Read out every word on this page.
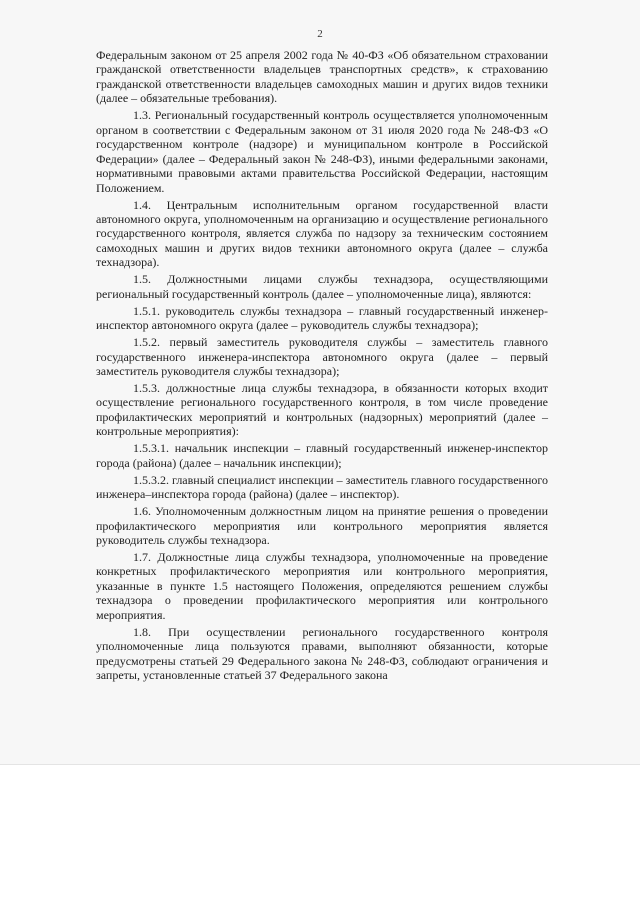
2

Федеральным законом от 25 апреля 2002 года № 40-ФЗ «Об обязательном страховании гражданской ответственности владельцев транспортных средств», к страхованию гражданской ответственности владельцев самоходных машин и других видов техники (далее – обязательные требования).

1.3. Региональный государственный контроль осуществляется уполномоченным органом в соответствии с Федеральным законом от 31 июля 2020 года № 248-ФЗ «О государственном контроле (надзоре) и муниципальном контроле в Российской Федерации» (далее – Федеральный закон № 248-ФЗ), иными федеральными законами, нормативными правовыми актами правительства Российской Федерации, настоящим Положением.

1.4. Центральным исполнительным органом государственной власти автономного округа, уполномоченным на организацию и осуществление регионального государственного контроля, является служба по надзору за техническим состоянием самоходных машин и других видов техники автономного округа (далее – служба технадзора).

1.5. Должностными лицами службы технадзора, осуществляющими региональный государственный контроль (далее – уполномоченные лица), являются:

1.5.1. руководитель службы технадзора – главный государственный инженер-инспектор автономного округа (далее – руководитель службы технадзора);

1.5.2. первый заместитель руководителя службы – заместитель главного государственного инженера-инспектора автономного округа (далее – первый заместитель руководителя службы технадзора);

1.5.3. должностные лица службы технадзора, в обязанности которых входит осуществление регионального государственного контроля, в том числе проведение профилактических мероприятий и контрольных (надзорных) мероприятий (далее – контрольные мероприятия):

1.5.3.1. начальник инспекции – главный государственный инженер-инспектор города (района) (далее – начальник инспекции);

1.5.3.2. главный специалист инспекции – заместитель главного государственного инженера–инспектора города (района) (далее – инспектор).

1.6. Уполномоченным должностным лицом на принятие решения о проведении профилактического мероприятия или контрольного мероприятия является руководитель службы технадзора.

1.7. Должностные лица службы технадзора, уполномоченные на проведение конкретных профилактического мероприятия или контрольного мероприятия, указанные в пункте 1.5 настоящего Положения, определяются решением службы технадзора о проведении профилактического мероприятия или контрольного мероприятия.

1.8. При осуществлении регионального государственного контроля уполномоченные лица пользуются правами, выполняют обязанности, которые предусмотрены статьей 29 Федерального закона № 248-ФЗ, соблюдают ограничения и запреты, установленные статьей 37 Федерального закона
